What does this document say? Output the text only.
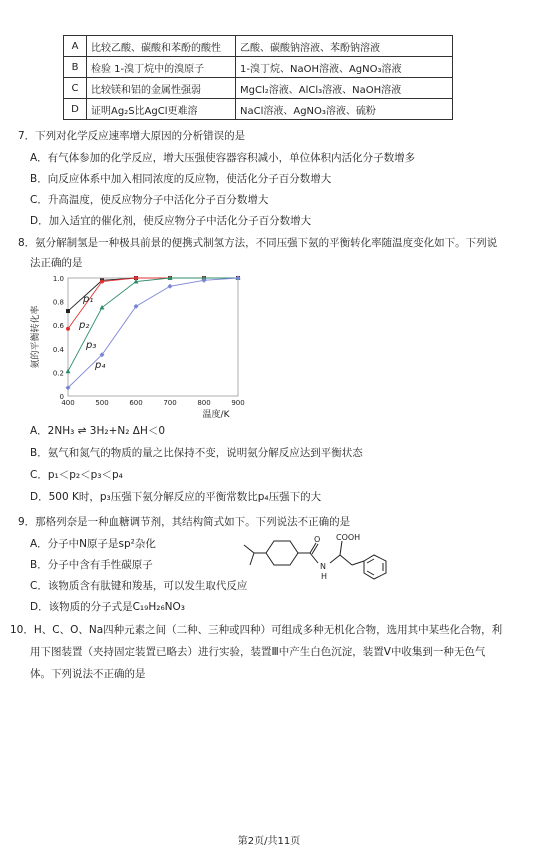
A	比较乙酸、碳酸和苯酚的酸性	乙酸、碳酸钠溶液、苯酚钠溶液
B	检验 1-溴丁烷中的溴原子	1-溴丁烷、NaOH溶液、AgNO₃溶液
C	比较镁和铝的金属性强弱	MgCl₂溶液、AlCl₃溶液、NaOH溶液
D	证明Ag₂S比AgCl更难溶	NaCl溶液、AgNO₃溶液、硫粉
7．下列对化学反应速率增大原因的分析错误的是
A．有气体参加的化学反应，增大压强使容器容积减小，单位体积内活化分子数增多
B．向反应体系中加入相同浓度的反应物，使活化分子百分数增大
C．升高温度，使反应物分子中活化分子百分数增大
D．加入适宜的催化剂，使反应物分子中活化分子百分数增大
8．氨分解制氢是一种极具前景的便携式制氢方法，不同压强下氨的平衡转化率随温度变化如下。下列说
法正确的是
0
0.2
0.4
0.6
0.8
1.0
400	500	600	700	800	900
氨的平衡转化率
温度/K
p₁
p₂
p₃
p₄
A．2NH₃ ⇌ 3H₂+N₂ ΔH＜0
B．氨气和氮气的物质的量之比保持不变，说明氨分解反应达到平衡状态
C．p₁＜p₂＜p₃＜p₄
D．500 K时，p₃压强下氨分解反应的平衡常数比p₄压强下的大
9．那格列奈是一种血糖调节剂，其结构简式如下。下列说法不正确的是
A．分子中N原子是sp²杂化
B．分子中含有手性碳原子
C．该物质含有肽键和羧基，可以发生取代反应
D．该物质的分子式是C₁₉H₂₆NO₃
COOH
O
N
H
10．H、C、O、Na四种元素之间（二种、三种或四种）可组成多种无机化合物，选用其中某些化合物，利
用下图装置（夹持固定装置已略去）进行实验，装置Ⅲ中产生白色沉淀，装置Ⅴ中收集到一种无色气
体。下列说法不正确的是
第2页/共11页
